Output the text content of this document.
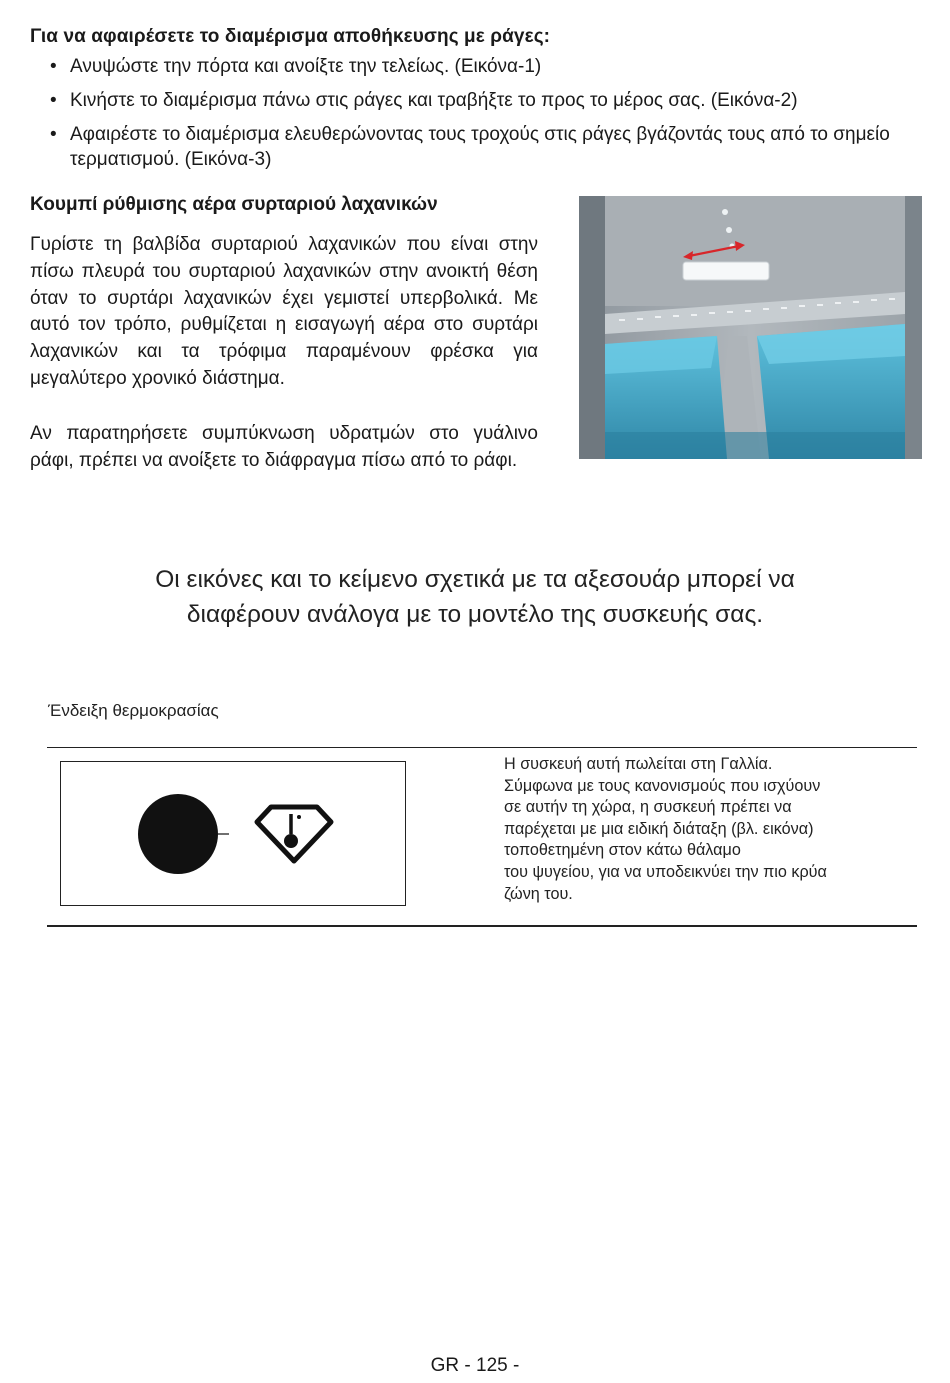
Για να αφαιρέσετε το διαμέρισμα αποθήκευσης με ράγες:
• Ανυψώστε την πόρτα και ανοίξτε την τελείως. (Εικόνα-1)
• Κινήστε το διαμέρισμα πάνω στις ράγες και τραβήξτε το προς το μέρος σας. (Εικόνα-2)
• Αφαιρέστε το διαμέρισμα ελευθερώνοντας τους τροχούς στις ράγες βγάζοντάς τους από το σημείο τερματισμού. (Εικόνα-3)
Κουμπί ρύθμισης αέρα συρταριού λαχανικών
Γυρίστε τη βαλβίδα συρταριού λαχανικών που είναι στην πίσω πλευρά του συρταριού λαχανικών στην ανοικτή θέση όταν το συρτάρι λαχανικών έχει γεμιστεί υπερβολικά. Με αυτό τον τρόπο, ρυθμίζεται η εισαγωγή αέρα στο συρτάρι λαχανικών και τα τρόφιμα παραμένουν φρέσκα για μεγαλύτερο χρονικό διάστημα.
Αν παρατηρήσετε συμπύκνωση υδρατμών στο γυάλινο ράφι, πρέπει να ανοίξετε το διάφραγμα πίσω από το ράφι.
Οι εικόνες και το κείμενο σχετικά με τα αξεσουάρ μπορεί να
διαφέρουν ανάλογα με το μοντέλο της συσκευής σας.
Ένδειξη θερμοκρασίας
Η συσκευή αυτή πωλείται στη Γαλλία.
Σύμφωνα με τους κανονισμούς που ισχύουν
σε αυτήν τη χώρα, η συσκευή πρέπει να
παρέχεται με μια ειδική διάταξη (βλ. εικόνα)
τοποθετημένη στον κάτω θάλαμο
του ψυγείου, για να υποδεικνύει την πιο κρύα
ζώνη του.
GR - 125 -
